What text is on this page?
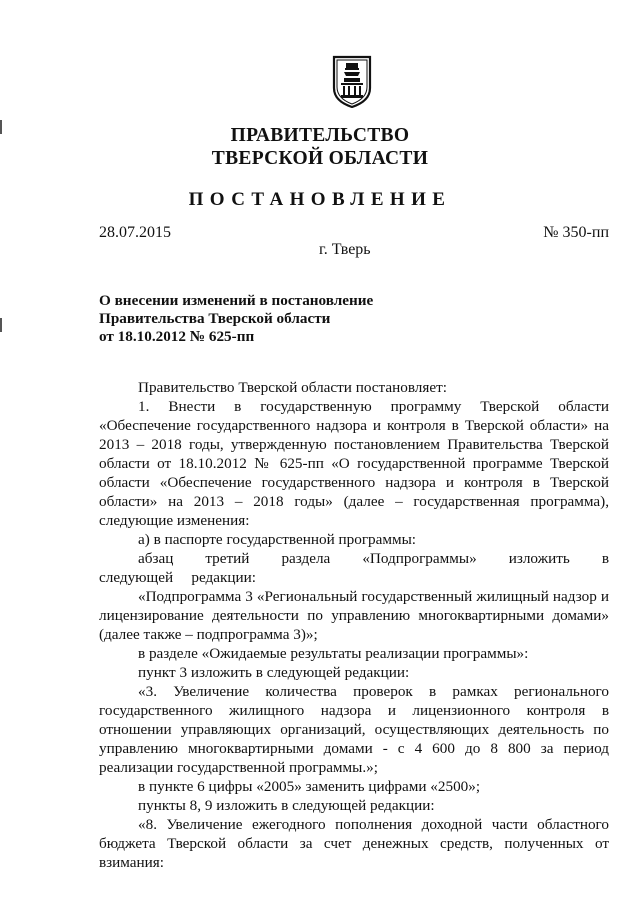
ПРАВИТЕЛЬСТВО
ТВЕРСКОЙ ОБЛАСТИ
ПОСТАНОВЛЕНИЕ
28.07.2015	№ 350-пп
г. Тверь
О внесении изменений в постановление
Правительства Тверской области
от 18.10.2012 № 625-пп

Правительство Тверской области постановляет:

1. Внести в государственную программу Тверской области «Обеспечение государственного надзора и контроля в Тверской области» на 2013 – 2018 годы, утвержденную постановлением Правительства Тверской области от 18.10.2012 № 625-пп «О государственной программе Тверской области «Обеспечение государственного надзора и контроля в Тверской области» на 2013 – 2018 годы» (далее – государственная программа), следующие изменения:

а) в паспорте государственной программы:

абзац третий раздела «Подпрограммы» изложить в следующей редакции:

«Подпрограмма 3 «Региональный государственный жилищный надзор и лицензирование деятельности по управлению многоквартирными домами» (далее также – подпрограмма 3)»;

в разделе «Ожидаемые результаты реализации программы»:

пункт 3 изложить в следующей редакции:

«3. Увеличение количества проверок в рамках регионального государственного жилищного надзора и лицензионного контроля в отношении управляющих организаций, осуществляющих деятельность по управлению многоквартирными домами - с 4 600 до 8 800 за период реализации государственной программы.»;

в пункте 6 цифры «2005» заменить цифрами «2500»;

пункты 8, 9 изложить в следующей редакции:

«8. Увеличение ежегодного пополнения доходной части областного бюджета Тверской области за счет денежных средств, полученных от взимания:
